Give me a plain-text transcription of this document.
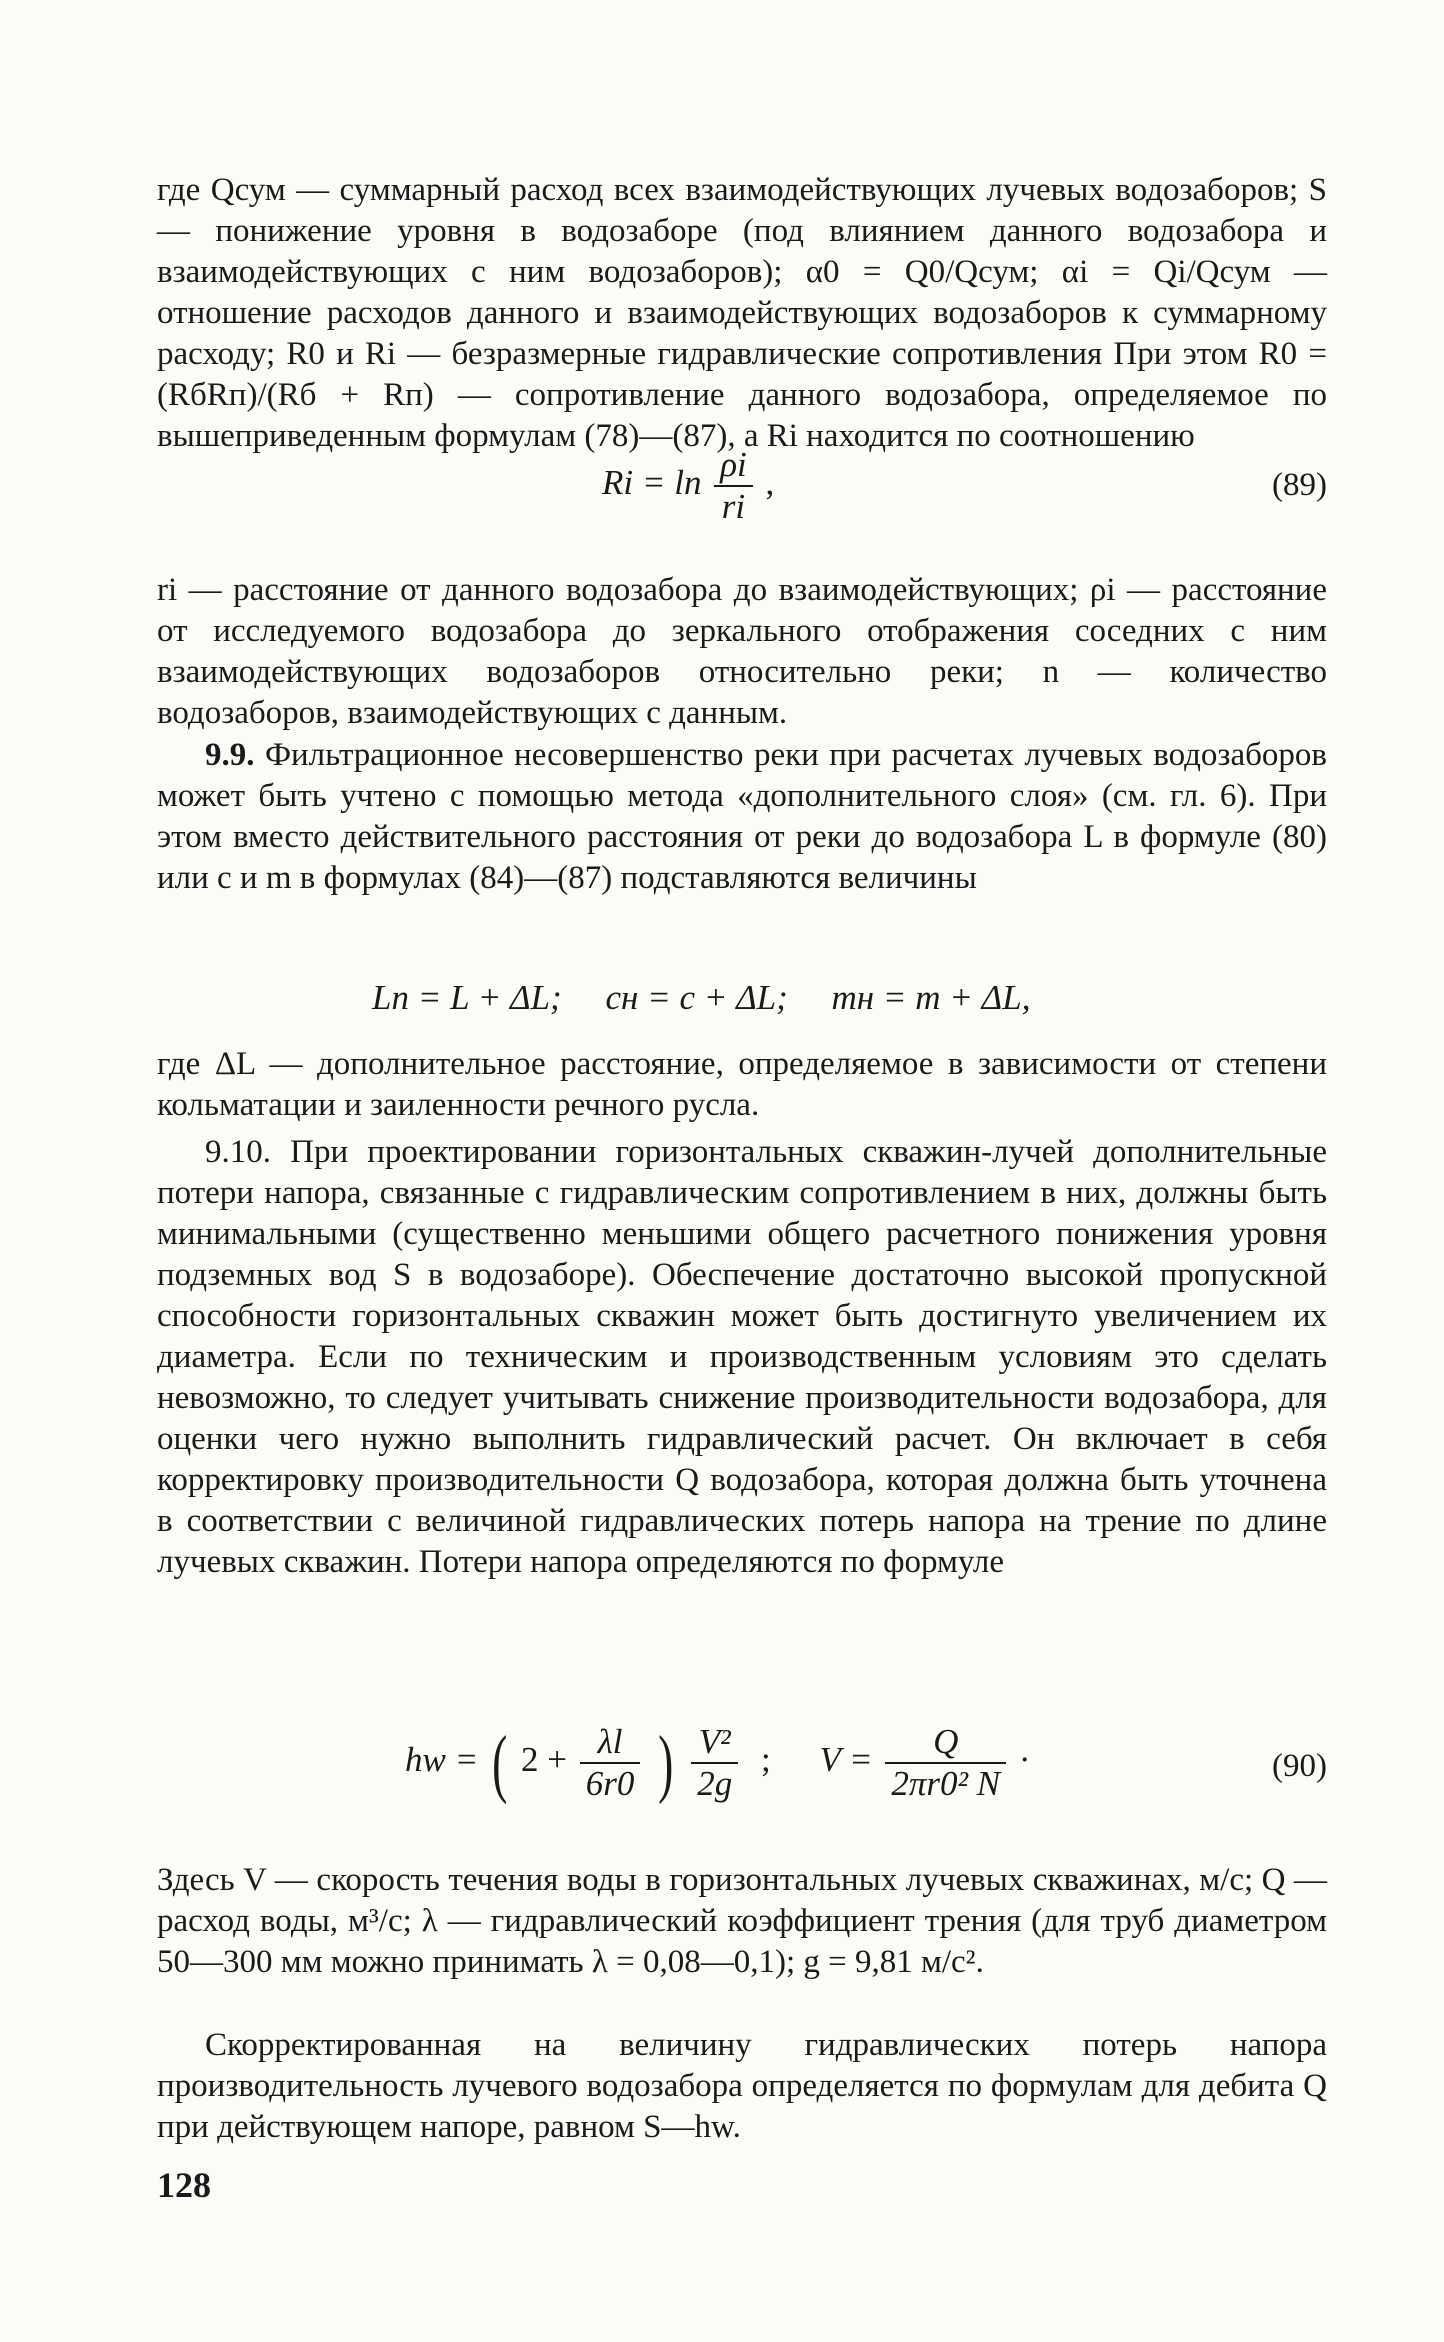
где Qсум — суммарный расход всех взаимодействующих лучевых водозаборов; S — понижение уровня в водозаборе (под влиянием данного водозабора и взаимодействующих с ним водозаборов); α0 = Q0/Qсум; αi = Qi/Qсум — отношение расходов данного и взаимодействующих водозаборов к суммарному расходу; R0 и Ri — безразмерные гидравлические сопротивления При этом R0 = (RбRп)/(Rб + Rп) — сопротивление данного водозабора, определяемое по вышеприведенным формулам (78)—(87), а Ri находится по соотношению

$Ri = \ln \frac{\rho i}{ri}$ ,	(89)

ri — расстояние от данного водозабора до взаимодействующих; ρi — расстояние от исследуемого водозабора до зеркального отображения соседних с ним взаимодействующих водозаборов относительно реки; n — количество водозаборов, взаимодействующих с данным.

9.9. Фильтрационное несовершенство реки при расчетах лучевых водозаборов может быть учтено с помощью метода «дополнительного слоя» (см. гл. 6). При этом вместо действительного расстояния от реки до водозабора L в формуле (80) или c и m в формулах (84)—(87) подставляются величины

Lп = L + ΔL;     cн = c + ΔL;     mн = m + ΔL,

где ΔL — дополнительное расстояние, определяемое в зависимости от степени кольматации и заиленности речного русла.

9.10. При проектировании горизонтальных скважин-лучей дополнительные потери напора, связанные с гидравлическим сопротивлением в них, должны быть минимальными (существенно меньшими общего расчетного понижения уровня подземных вод S в водозаборе). Обеспечение достаточно высокой пропускной способности горизонтальных скважин может быть достигнуто увеличением их диаметра. Если по техническим и производственным условиям это сделать невозможно, то следует учитывать снижение производительности водозабора, для оценки чего нужно выполнить гидравлический расчет. Он включает в себя корректировку производительности Q водозабора, которая должна быть уточнена в соответствии с величиной гидравлических потерь напора на трение по длине лучевых скважин. Потери напора определяются по формуле

hw = ( $2 + \frac{\lambda l}{6r0}$ ) $\frac{\text{V²}}{2g}$ ; $V = \frac{Q}{\text{2πr0² N}}$ ·	(90)

Здесь V — скорость течения воды в горизонтальных лучевых скважинах, м/с; Q — расход воды, м³/с; λ — гидравлический коэффициент трения (для труб диаметром 50—300 мм можно принимать λ = 0,08—0,1); g = 9,81 м/с².

Скорректированная на величину гидравлических потерь напора производительность лучевого водозабора определяется по формулам для дебита Q при действующем напоре, равном S—hw.

128
